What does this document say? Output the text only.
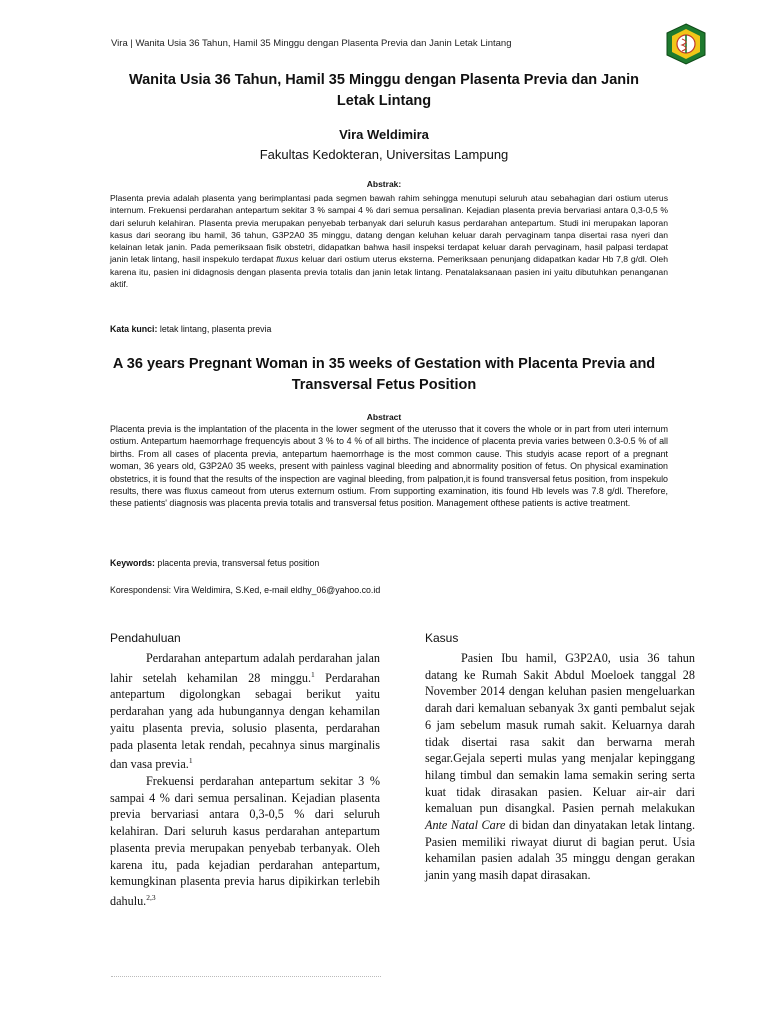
Vira | Wanita Usia 36 Tahun, Hamil 35 Minggu dengan Plasenta Previa dan Janin Letak Lintang
Wanita Usia 36 Tahun, Hamil 35 Minggu dengan Plasenta Previa dan Janin Letak Lintang
Vira Weldimira
Fakultas Kedokteran, Universitas Lampung
Abstrak:

Plasenta previa adalah plasenta yang berimplantasi pada segmen bawah rahim sehingga menutupi seluruh atau sebahagian dari ostium uterus internum. Frekuensi perdarahan antepartum sekitar 3 % sampai 4 % dari semua persalinan. Kejadian plasenta previa bervariasi antara 0,3-0,5 % dari seluruh kelahiran. Plasenta previa merupakan penyebab terbanyak dari seluruh kasus perdarahan antepartum. Studi ini merupakan laporan kasus dari seorang ibu hamil, 36 tahun, G3P2A0 35 minggu, datang dengan keluhan keluar darah pervaginam tanpa disertai rasa nyeri dan kelainan letak janin. Pada pemeriksaan fisik obstetri, didapatkan bahwa hasil inspeksi terdapat keluar darah pervaginam, hasil palpasi terdapat janin letak lintang, hasil inspekulo terdapat fluxus keluar dari ostium uterus eksterna. Pemeriksaan penunjang didapatkan kadar Hb 7,8 g/dl. Oleh karena itu, pasien ini didagnosis dengan plasenta previa totalis dan janin letak lintang. Penatalaksanaan pasien ini yaitu dibutuhkan penanganan aktif.

Kata kunci: letak lintang, plasenta previa
A 36 years Pregnant Woman in 35 weeks of Gestation with Placenta Previa and Transversal Fetus Position
Abstract

Placenta previa is the implantation of the placenta in the lower segment of the uterusso that it covers the whole or in part from uteri internum ostium. Antepartum haemorrhage frequencyis about 3 % to 4 % of all births. The incidence of placenta previa varies between 0.3-0.5 % of all births. From all cases of placenta previa, antepartum haemorrhage is the most common cause. This studyis acase report of a pregnant woman, 36 years old, G3P2A0 35 weeks, present with painless vaginal bleeding and abnormality position of fetus. On physical examination obstetrics, it is found that the results of the inspection are vaginal bleeding, from palpation,it is found transversal fetus position, from inspekulo results, there was fluxus cameout from uterus externum ostium. From supporting examination, itis found Hb levels was 7.8 g/dl. Therefore, these patients' diagnosis was placenta previa totalis and transversal fetus position. Management ofthese patients is active treatment.

Keywords: placenta previa, transversal fetus position
Korespondensi: Vira Weldimira, S.Ked, e-mail eldhy_06@yahoo.co.id
Pendahuluan

Perdarahan antepartum adalah perdarahan jalan lahir setelah kehamilan 28 minggu.$^1$ Perdarahan antepartum digolongkan sebagai berikut yaitu perdarahan yang ada hubungannya dengan kehamilan yaitu plasenta previa, solusio plasenta, perdarahan pada plasenta letak rendah, pecahnya sinus marginalis dan vasa previa.$^1$

Frekuensi perdarahan antepartum sekitar 3 % sampai 4 % dari semua persalinan. Kejadian plasenta previa bervariasi antara 0,3-0,5 % dari seluruh kelahiran. Dari seluruh kasus perdarahan antepartum plasenta previa merupakan penyebab terbanyak. Oleh karena itu, pada kejadian perdarahan antepartum, kemungkinan plasenta previa harus dipikirkan terlebih dahulu.$^{2,3}$

Kasus

Pasien Ibu hamil, G3P2A0, usia 36 tahun datang ke Rumah Sakit Abdul Moeloek tanggal 28 November 2014 dengan keluhan pasien mengeluarkan darah dari kemaluan sebanyak 3x ganti pembalut sejak 6 jam sebelum masuk rumah sakit. Keluarnya darah tidak disertai rasa sakit dan berwarna merah segar.Gejala seperti mulas yang menjalar kepinggang hilang timbul dan semakin lama semakin sering serta kuat tidak dirasakan pasien. Keluar air-air dari kemaluan pun disangkal. Pasien pernah melakukan Ante Natal Care di bidan dan dinyatakan letak lintang. Pasien memiliki riwayat diurut di bagian perut. Usia kehamilan pasien adalah 35 minggu dengan gerakan janin yang masih dapat dirasakan.
